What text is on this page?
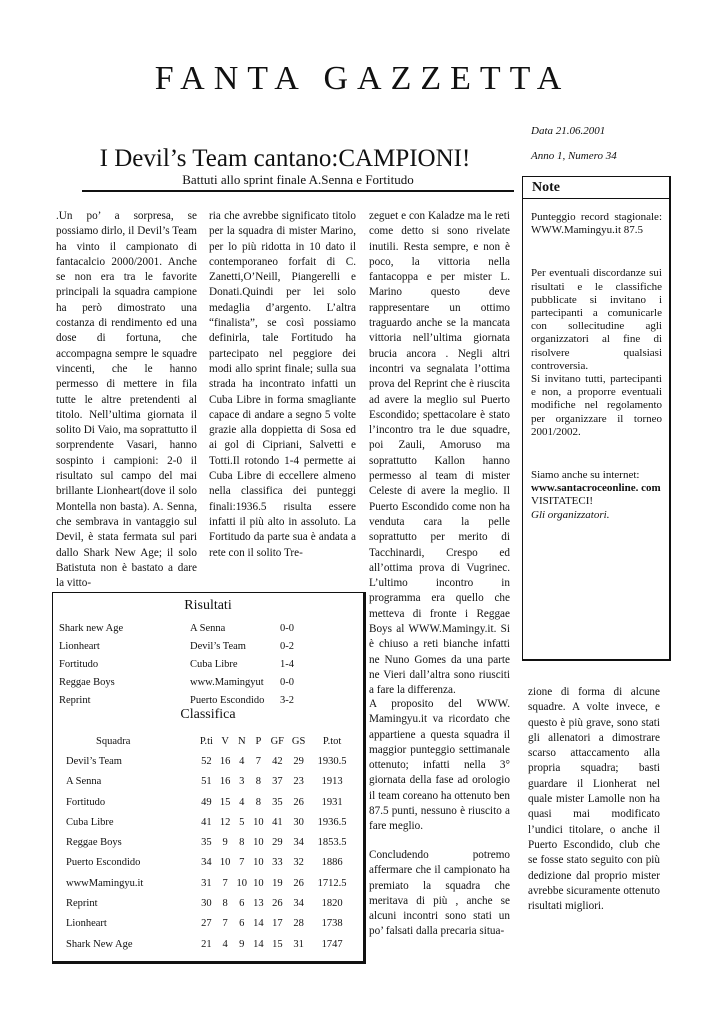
FANTA GAZZETTA
Data 21.06.2001
Anno 1, Numero 34
I Devil’s Team cantano:CAMPIONI!
Battuti allo sprint finale A.Senna e Fortitudo

.Un po’ a sorpresa, se possiamo dirlo, il Devil’s Team ha vinto il campionato di fantacalcio 2000/2001. Anche se non era tra le favorite principali la squadra campione ha però dimostrato una costanza di rendimento ed una dose di fortuna, che accompagna sempre le squadre vincenti, che le hanno permesso di mettere in fila tutte le altre pretendenti al titolo. Nell’ultima giornata il solito Di Vaio, ma soprattutto il sorprendente Vasari, hanno sospinto i campioni: 2-0 il risultato sul campo del mai brillante Lionheart(dove il solo Montella non basta). A. Senna, che sembrava in vantaggio sul Devil, è stata fermata sul pari dallo Shark New Age; il solo Batistuta non è bastato a dare la vitto-

ria che avrebbe significato titolo per la squadra di mister Marino, per lo più ridotta in 10 dato il contemporaneo forfait di C. Zanetti,O’Neill, Piangerelli e Donati.Quindi per lei solo medaglia d’argento. L’altra “finalista”, se così possiamo definirla, tale Fortitudo ha partecipato nel peggiore dei modi allo sprint finale; sulla sua strada ha incontrato infatti un Cuba Libre in forma smagliante capace di andare a segno 5 volte grazie alla doppietta di Sosa ed ai gol di Cipriani, Salvetti e Totti.Il rotondo 1-4 permette ai Cuba Libre di eccellere almeno nella classifica dei punteggi finali:1936.5 risulta essere infatti il più alto in assoluto. La Fortitudo da parte sua è andata a rete con il solito Tre-

zeguet e con Kaladze ma le reti come detto si sono rivelate inutili. Resta sempre, e non è poco, la vittoria nella fantacoppa e per mister L. Marino questo deve rappresentare un ottimo traguardo anche se la mancata vittoria nell’ultima giornata brucia ancora . Negli altri incontri va segnalata l’ottima prova del Reprint che è riuscita ad avere la meglio sul Puerto Escondido; spettacolare è stato l’incontro tra le due squadre, poi Zauli, Amoruso ma soprattutto Kallon hanno permesso al team di mister Celeste di avere la meglio. Il Puerto Escondido come non ha venduta cara la pelle soprattutto per merito di Tacchinardi, Crespo ed all’ottima prova di Vugrinec. L’ultimo incontro in programma era quello che metteva di fronte i Reggae Boys al WWW.Mamingy.it. Si è chiuso a reti bianche infatti ne Nuno Gomes da una parte ne Vieri dall’altra sono riusciti a fare la differenza.

A proposito del WWW. Mamingyu.it va ricordato che appartiene a questa squadra il maggior punteggio settimanale ottenuto; infatti nella 3° giornata della fase ad orologio il team coreano ha ottenuto ben 87.5 punti, nessuno è riuscito a fare meglio.

Concludendo potremo affermare che il campionato ha premiato la squadra che meritava di più , anche se alcuni incontri sono stati un po’ falsati dalla precaria situa-

zione di forma di alcune squadre. A volte invece, e questo è più grave, sono stati gli allenatori a dimostrare scarso attaccamento alla propria squadra; basti guardare il Lionherat nel quale mister Lamolle non ha quasi mai modificato l’undici titolare, o anche il Puerto Escondido, club che se fosse stato seguito con più dedizione dal proprio mister avrebbe sicuramente ottenuto risultati migliori.

Note

Punteggio record stagionale: WWW.Mamingyu.it 87.5

Per eventuali discordanze sui risultati e le classifiche pubblicate si invitano i partecipanti a comunicarle con sollecitudine agli organizzatori al fine di risolvere qualsiasi controversia.

Si invitano tutti, partecipanti e non, a proporre eventuali modifiche nel regolamento per organizzare il torneo 2001/2002.

Siamo anche su internet:

www.santacroceonline. com

VISITATECI!

Gli organizzatori.

Risultati
Shark new Age	A Senna	0-0
Lionheart	Devil’s Team	0-2
Fortitudo	Cuba Libre	1-4
Reggae Boys	www.Mamingyut	0-0
Reprint	Puerto Escondido	3-2
Classifica
Squadra	P.ti	V	N	P	GF	GS	P.tot
Devil’s Team	52	16	4	7	42	29	1930.5
A Senna	51	16	3	8	37	23	1913
Fortitudo	49	15	4	8	35	26	1931
Cuba Libre	41	12	5	10	41	30	1936.5
Reggae Boys	35	9	8	10	29	34	1853.5
Puerto Escondido	34	10	7	10	33	32	1886
wwwMamingyu.it	31	7	10	10	19	26	1712.5
Reprint	30	8	6	13	26	34	1820
Lionheart	27	7	6	14	17	28	1738
Shark New Age	21	4	9	14	15	31	1747
